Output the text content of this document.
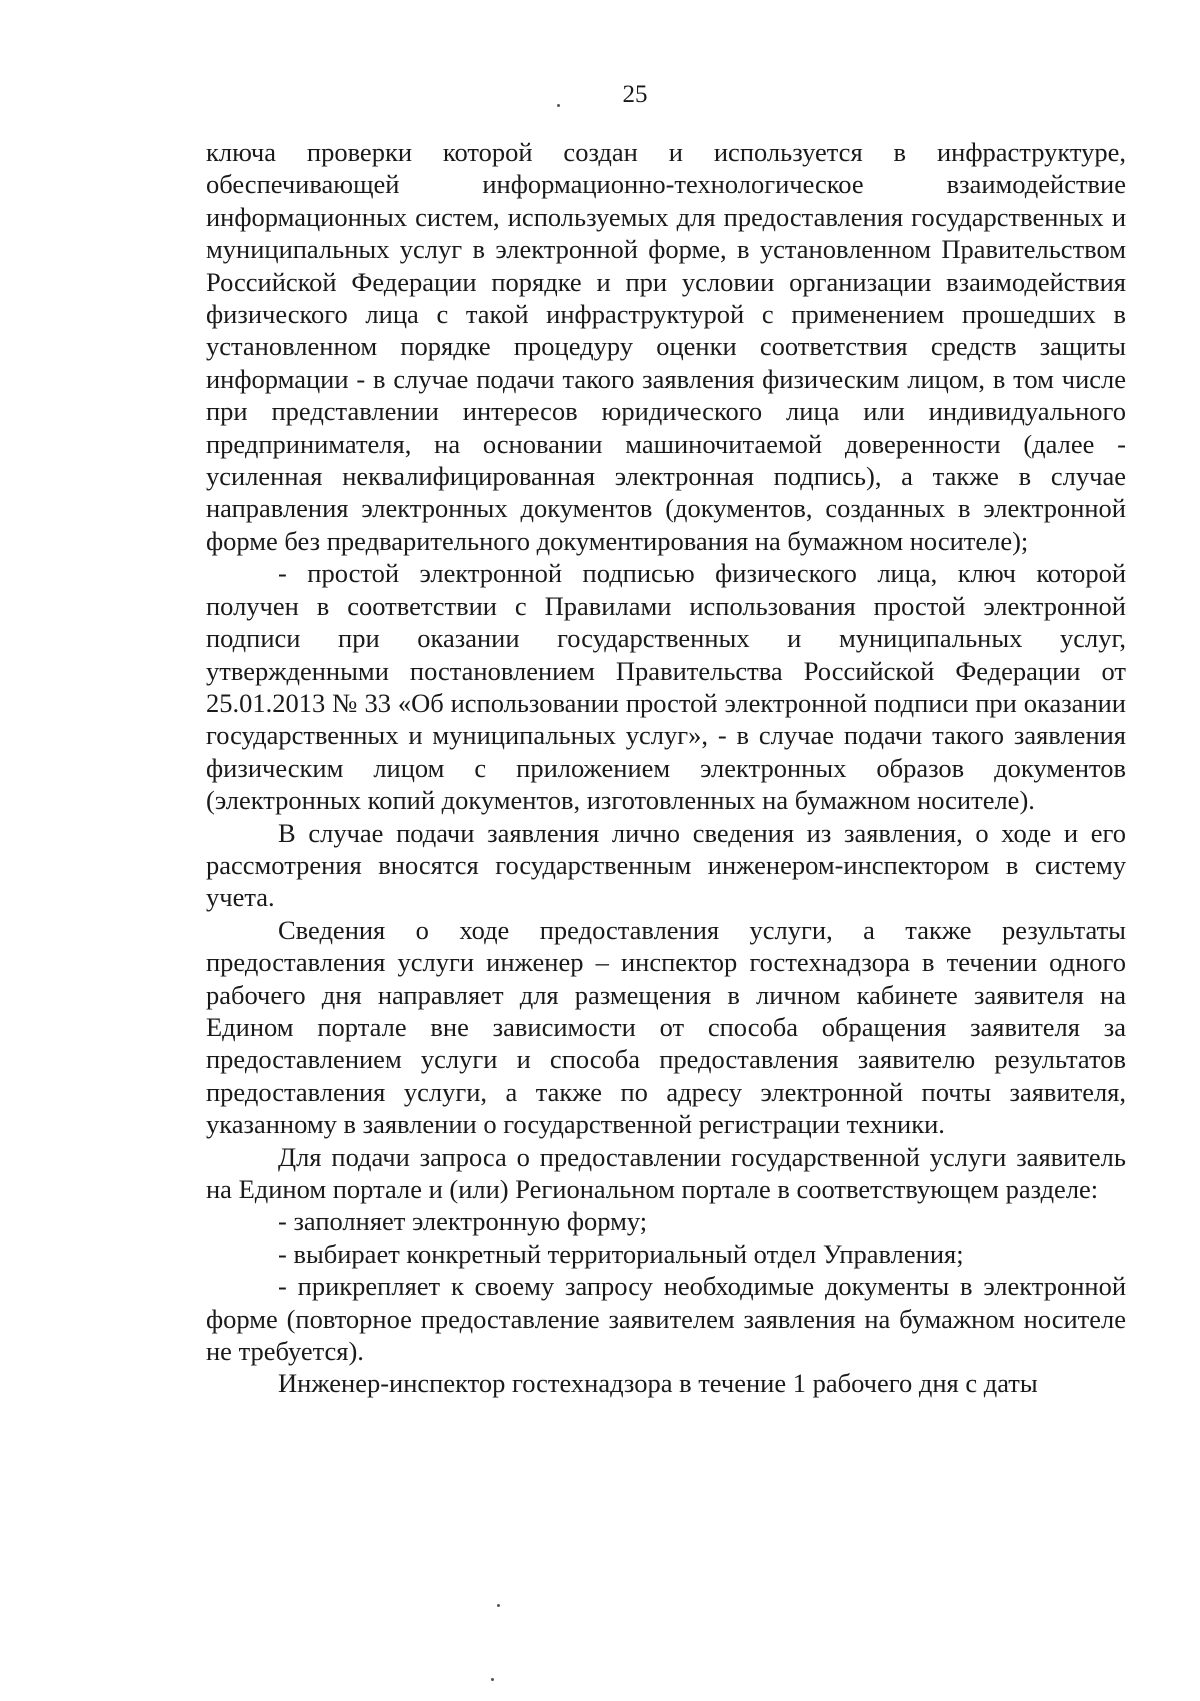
25

ключа проверки которой создан и используется в инфраструктуре, обеспечивающей информационно-технологическое взаимодействие информационных систем, используемых для предоставления государственных и муниципальных услуг в электронной форме, в установленном Правительством Российской Федерации порядке и при условии организации взаимодействия физического лица с такой инфраструктурой с применением прошедших в установленном порядке процедуру оценки соответствия средств защиты информации - в случае подачи такого заявления физическим лицом, в том числе при представлении интересов юридического лица или индивидуального предпринимателя, на основании машиночитаемой доверенности (далее - усиленная неквалифицированная электронная подпись), а также в случае направления электронных документов (документов, созданных в электронной форме без предварительного документирования на бумажном носителе);

- простой электронной подписью физического лица, ключ которой получен в соответствии с Правилами использования простой электронной подписи при оказании государственных и муниципальных услуг, утвержденными постановлением Правительства Российской Федерации от 25.01.2013 № 33 «Об использовании простой электронной подписи при оказании государственных и муниципальных услуг», - в случае подачи такого заявления физическим лицом с приложением электронных образов документов (электронных копий документов, изготовленных на бумажном носителе).

В случае подачи заявления лично сведения из заявления, о ходе и его рассмотрения вносятся государственным инженером-инспектором в систему учета.

Сведения о ходе предоставления услуги, а также результаты предоставления услуги инженер – инспектор гостехнадзора в течении одного рабочего дня направляет для размещения в личном кабинете заявителя на Едином портале вне зависимости от способа обращения заявителя за предоставлением услуги и способа предоставления заявителю результатов предоставления услуги, а также по адресу электронной почты заявителя, указанному в заявлении о государственной регистрации техники.

Для подачи запроса о предоставлении государственной услуги заявитель на Едином портале и (или) Региональном портале в соответствующем разделе:

- заполняет электронную форму;

- выбирает конкретный территориальный отдел Управления;

- прикрепляет к своему запросу необходимые документы в электронной форме (повторное предоставление заявителем заявления на бумажном носителе не требуется).

Инженер-инспектор гостехнадзора в течение 1 рабочего дня с даты
